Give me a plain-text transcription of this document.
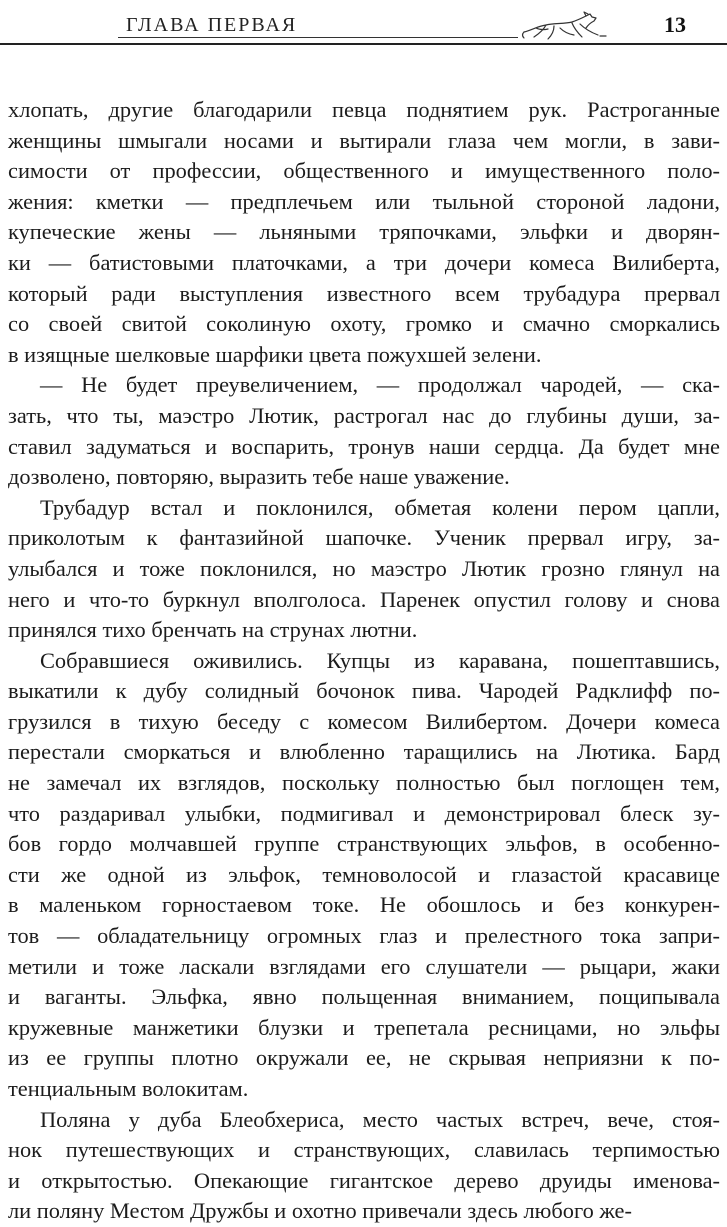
ГЛАВА ПЕРВАЯ	13

хлопать, другие благодарили певца поднятием рук. Растроганные
женщины шмыгали носами и вытирали глаза чем могли, в зави-
симости от профессии, общественного и имущественного поло-
жения: кметки — предплечьем или тыльной стороной ладони,
купеческие жены — льняными тряпочками, эльфки и дворян-
ки — батистовыми платочками, а три дочери комеса Вилиберта,
который ради выступления известного всем трубадура прервал
со своей свитой соколиную охоту, громко и смачно сморкались
в изящные шелковые шарфики цвета пожухшей зелени.

— Не будет преувеличением, — продолжал чародей, — ска-
зать, что ты, маэстро Лютик, растрогал нас до глубины души, за-
ставил задуматься и воспарить, тронув наши сердца. Да будет мне
дозволено, повторяю, выразить тебе наше уважение.

Трубадур встал и поклонился, обметая колени пером цапли,
приколотым к фантазийной шапочке. Ученик прервал игру, за-
улыбался и тоже поклонился, но маэстро Лютик грозно глянул на
него и что-то буркнул вполголоса. Паренек опустил голову и снова
принялся тихо бренчать на струнах лютни.

Собравшиеся оживились. Купцы из каравана, пошептавшись,
выкатили к дубу солидный бочонок пива. Чародей Радклифф по-
грузился в тихую беседу с комесом Вилибертом. Дочери комеса
перестали сморкаться и влюбленно таращились на Лютика. Бард
не замечал их взглядов, поскольку полностью был поглощен тем,
что раздаривал улыбки, подмигивал и демонстрировал блеск зу-
бов гордо молчавшей группе странствующих эльфов, в особенно-
сти же одной из эльфок, темноволосой и глазастой красавице
в маленьком горностаевом токе. Не обошлось и без конкурен-
тов — обладательницу огромных глаз и прелестного тока запри-
метили и тоже ласкали взглядами его слушатели — рыцари, жаки
и ваганты. Эльфка, явно польщенная вниманием, пощипывала
кружевные манжетики блузки и трепетала ресницами, но эльфы
из ее группы плотно окружали ее, не скрывая неприязни к по-
тенциальным волокитам.

Поляна у дуба Блеобхериса, место частых встреч, вече, стоя-
нок путешествующих и странствующих, славилась терпимостью
и открытостью. Опекающие гигантское дерево друиды именова-
ли поляну Местом Дружбы и охотно привечали здесь любого же-
